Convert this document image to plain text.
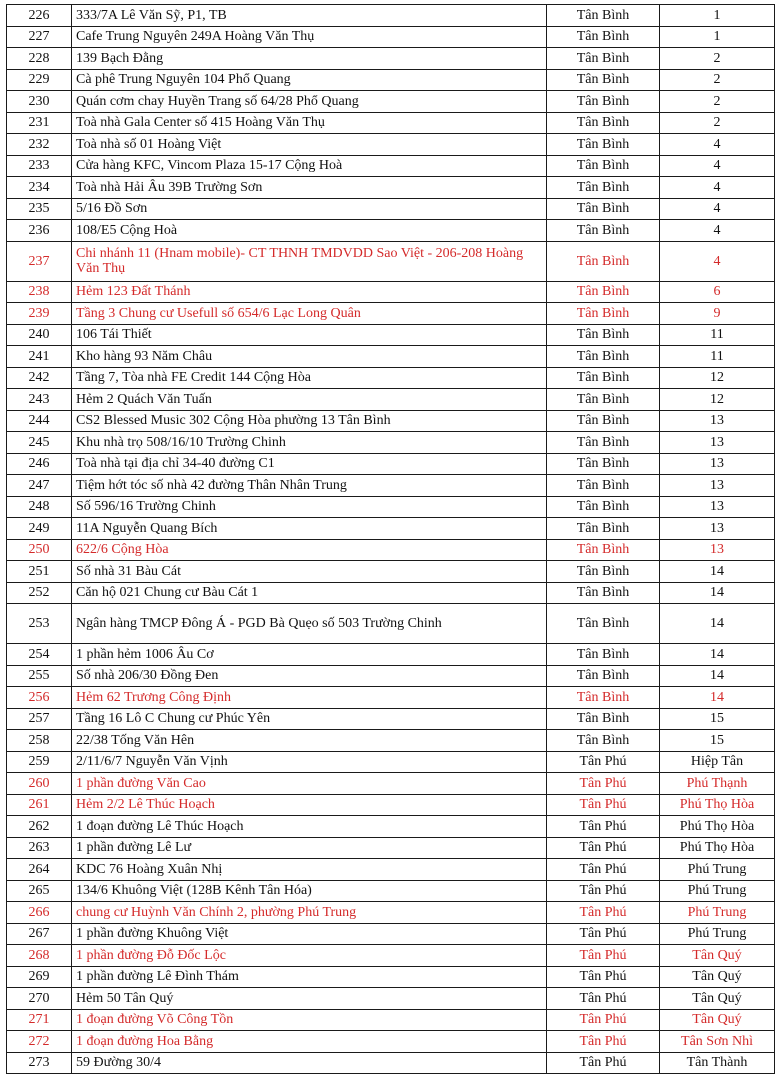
226	333/7A Lê Văn Sỹ, P1, TB	Tân Bình	1
227	Cafe Trung Nguyên 249A Hoàng Văn Thụ	Tân Bình	1
228	139 Bạch Đằng	Tân Bình	2
229	Cà phê Trung Nguyên 104 Phổ Quang	Tân Bình	2
230	Quán cơm chay Huyền Trang số 64/28 Phổ Quang	Tân Bình	2
231	Toà nhà Gala Center số 415 Hoàng Văn Thụ	Tân Bình	2
232	Toà nhà số 01 Hoàng Việt	Tân Bình	4
233	Cửa hàng KFC, Vincom Plaza 15-17 Cộng Hoà	Tân Bình	4
234	Toà nhà Hải Âu 39B Trường Sơn	Tân Bình	4
235	5/16 Đồ Sơn	Tân Bình	4
236	108/E5 Cộng Hoà	Tân Bình	4
237	Chi nhánh 11 (Hnam mobile)- CT THNH TMDVDD Sao Việt - 206-208 Hoàng Văn Thụ	Tân Bình	4
238	Hẻm 123 Đất Thánh	Tân Bình	6
239	Tầng 3 Chung cư Usefull số 654/6 Lạc Long Quân	Tân Bình	9
240	106 Tái Thiết	Tân Bình	11
241	Kho hàng 93 Năm Châu	Tân Bình	11
242	Tầng 7, Tòa nhà FE Credit 144 Cộng Hòa	Tân Bình	12
243	Hẻm 2 Quách Văn Tuấn	Tân Bình	12
244	CS2 Blessed Music 302 Cộng Hòa phường 13 Tân Bình	Tân Bình	13
245	Khu nhà trọ 508/16/10 Trường Chinh	Tân Bình	13
246	Toà nhà tại địa chỉ 34-40 đường C1	Tân Bình	13
247	Tiệm hớt tóc số nhà 42 đường Thân Nhân Trung	Tân Bình	13
248	Số 596/16 Trường Chinh	Tân Bình	13
249	11A Nguyễn Quang Bích	Tân Bình	13
250	622/6 Cộng Hòa	Tân Bình	13
251	Số nhà 31 Bàu Cát	Tân Bình	14
252	Căn hộ 021 Chung cư Bàu Cát 1	Tân Bình	14
253	Ngân hàng TMCP Đông Á - PGD Bà Quẹo số 503 Trường Chinh	Tân Bình	14
254	1 phần hẻm 1006 Âu Cơ	Tân Bình	14
255	Số nhà 206/30 Đồng Đen	Tân Bình	14
256	Hẻm 62 Trương Công Định	Tân Bình	14
257	Tầng 16 Lô C Chung cư Phúc Yên	Tân Bình	15
258	22/38 Tống Văn Hên	Tân Bình	15
259	2/11/6/7 Nguyễn Văn Vịnh	Tân Phú	Hiệp Tân
260	1 phần đường Văn Cao	Tân Phú	Phú Thạnh
261	Hẻm 2/2 Lê Thúc Hoạch	Tân Phú	Phú Thọ Hòa
262	1 đoạn đường Lê Thúc Hoạch	Tân Phú	Phú Thọ Hòa
263	1 phần đường Lê Lư	Tân Phú	Phú Thọ Hòa
264	KDC 76 Hoàng Xuân Nhị	Tân Phú	Phú Trung
265	134/6 Khuông Việt (128B Kênh Tân Hóa)	Tân Phú	Phú Trung
266	chung cư Huỳnh Văn Chính 2, phường Phú Trung	Tân Phú	Phú Trung
267	1 phần đường Khuông Việt	Tân Phú	Phú Trung
268	1 phần đường Đỗ Đốc Lộc	Tân Phú	Tân Quý
269	1 phần đường Lê Đình Thám	Tân Phú	Tân Quý
270	Hẻm 50 Tân Quý	Tân Phú	Tân Quý
271	1 đoạn đường Võ Công Tồn	Tân Phú	Tân Quý
272	1 đoạn đường Hoa Bằng	Tân Phú	Tân Sơn Nhì
273	59 Đường 30/4	Tân Phú	Tân Thành
